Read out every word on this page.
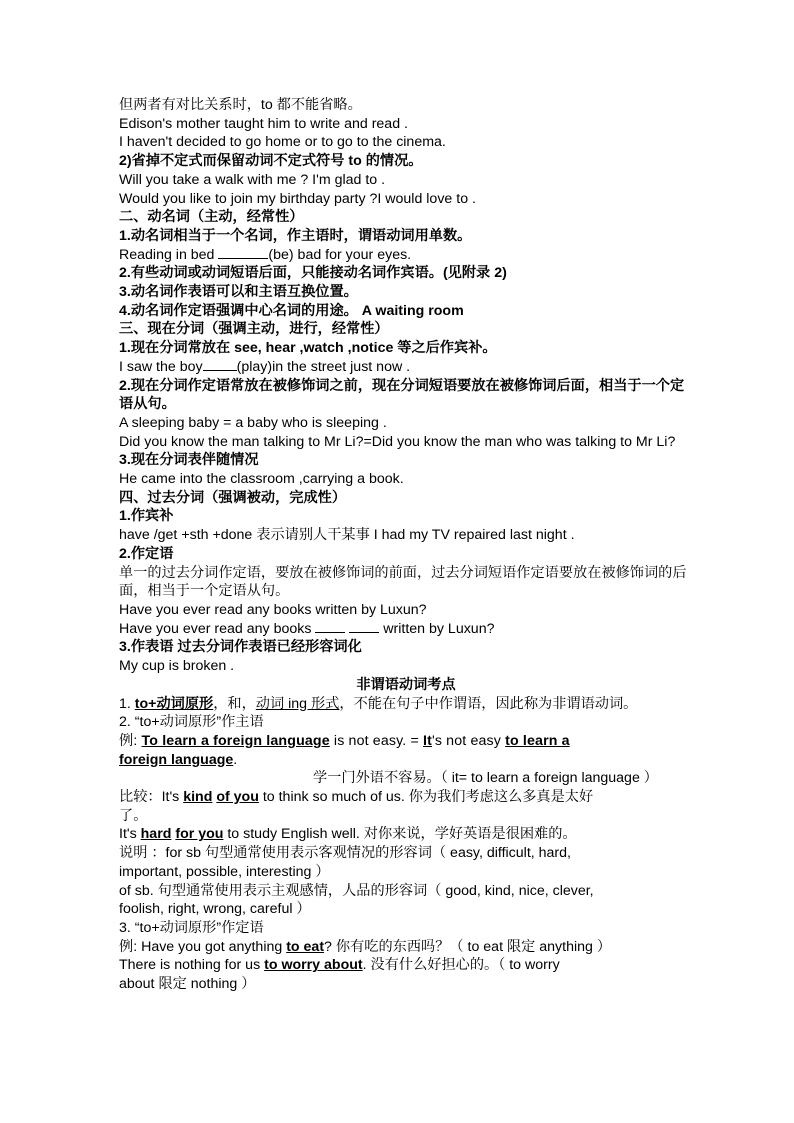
但两者有对比关系时，to 都不能省略。
Edison's mother taught him to write and read .
I haven't decided to go home or to go to the cinema.
2)省掉不定式而保留动词不定式符号 to 的情况。
Will you take a walk with me ? I'm glad to .
Would you like to join my birthday party ?I would love to .
二、动名词（主动，经常性）
1.动名词相当于一个名词，作主语时，谓语动词用单数。
Reading in bed	(be) bad for your eyes.
2.有些动词或动词短语后面，只能接动名词作宾语。(见附录 2)
3.动名词作表语可以和主语互换位置。
4.动名词作定语强调中心名词的用途。 A waiting room
三、现在分词（强调主动，进行，经常性）
1.现在分词常放在 see, hear ,watch ,notice 等之后作宾补。
I saw the boy (play)in the street just now .
2.现在分词作定语常放在被修饰词之前，现在分词短语要放在被修饰词后面，相当于一个定语从句。
A sleeping baby = a baby who is sleeping .
Did you know the man talking to Mr Li?=Did you know the man who was talking to Mr Li?
3.现在分词表伴随情况
He came into the classroom ,carrying a book.
四、过去分词（强调被动，完成性）
1.作宾补
have /get +sth +done 表示请别人干某事 I had my TV repaired last night .
2.作定语
单一的过去分词作定语，要放在被修饰词的前面，过去分词短语作定语要放在被修饰词的后面，相当于一个定语从句。
Have you ever read any books written by Luxun?
Have you ever read any books	written by Luxun?
3.作表语 过去分词作表语已经形容词化
My cup is broken .
非谓语动词考点
1. to+动词原形，和，动词 ing 形式，不能在句子中作谓语，因此称为非谓语动词。
2. “to+动词原形”作主语
例: To learn a foreign language is not easy. = It's not easy to learn a
foreign language.
学一门外语不容易。（ it= to learn a foreign language ）
比较：It's kind of you to think so much of us. 你为我们考虑这么多真是太好
了。
It's hard for you to study English well. 对你来说，学好英语是很困难的。
说明 ：for sb 句型通常使用表示客观情况的形容词（ easy, difficult, hard,
important, possible, interesting ）
of sb. 句型通常使用表示主观感情，人品的形容词（ good, kind, nice, clever,
foolish, right, wrong, careful ）
3. “to+动词原形”作定语
例: Have you got anything to eat? 你有吃的东西吗？（ to eat 限定 anything ）
There is nothing for us to worry about. 没有什么好担心的。（ to worry
about 限定 nothing ）
